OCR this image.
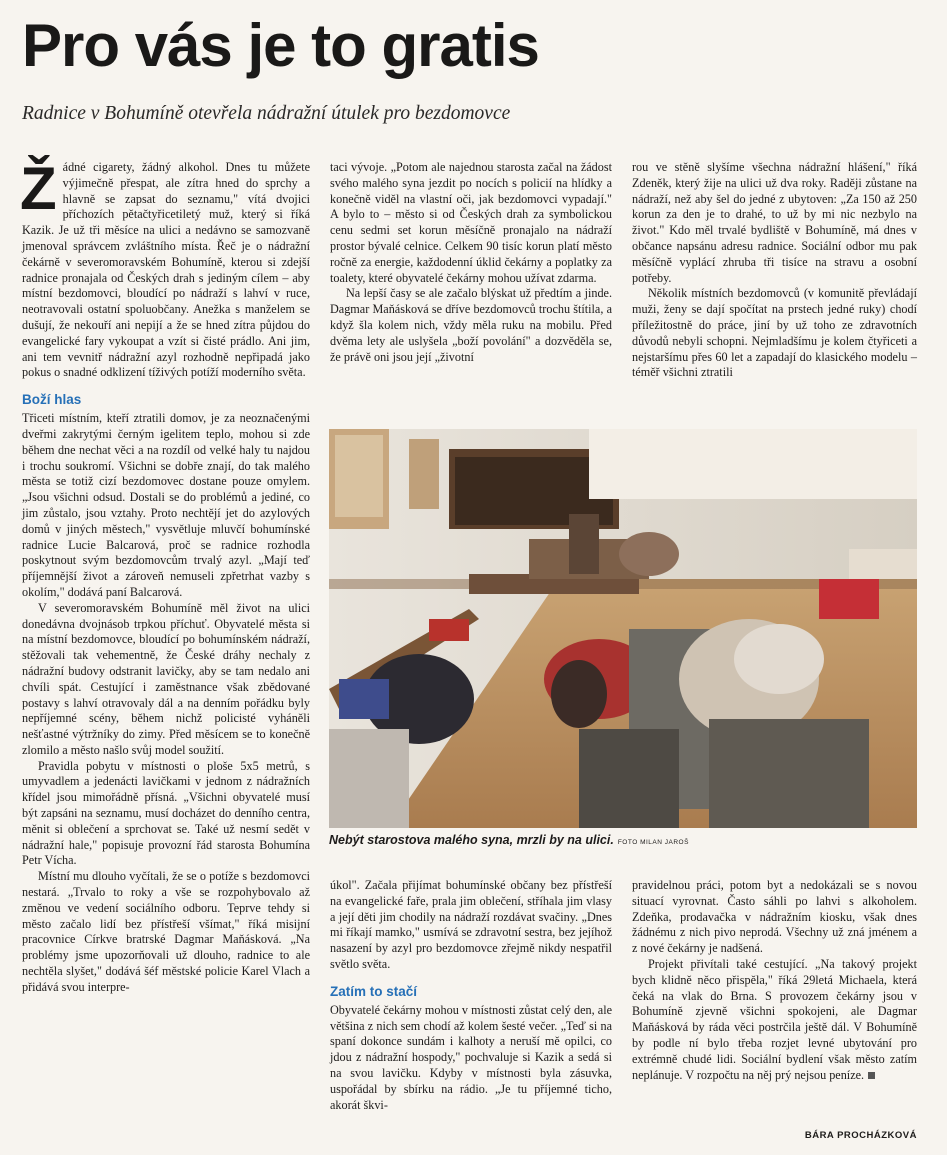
Pro vás je to gratis
Radnice v Bohumíně otevřela nádražní útulek pro bezdomovce

Žádné cigarety, žádný alkohol. Dnes tu můžete výjimečně přespat, ale zítra hned do sprchy a hlavně se zapsat do seznamu," vítá dvojici příchozích pětačtyřicetiletý muž, který si říká Kazik. Je už tři měsíce na ulici a nedávno se samozvaně jmenoval správcem zvláštního místa. Řeč je o nádražní čekárně v severomoravském Bohumíně, kterou si zdejší radnice pronajala od Českých drah s jediným cílem – aby místní bezdomovci, bloudící po nádraží s lahví v ruce, neotravovali ostatní spoluobčany. Anežka s manželem se dušují, že nekouří ani nepijí a že se hned zítra půjdou do evangelické fary vykoupat a vzít si čisté prádlo. Ani jim, ani tem vevnitř nádražní azyl rozhodně nepřipadá jako pokus o snadné odklizení tíživých potíží moderního světa.

Boží hlas

Třiceti místním, kteří ztratili domov, je za neoznačenými dveřmi zakrytými černým igelitem teplo, mohou si zde během dne nechat věci a na rozdíl od velké haly tu najdou i trochu soukromí. Všichni se dobře znají, do tak malého města se totiž cizí bezdomovec dostane pouze omylem. „Jsou všichni odsud. Dostali se do problémů a jediné, co jim zůstalo, jsou vztahy. Proto nechtějí jet do azylových domů v jiných městech," vysvětluje mluvčí bohumínské radnice Lucie Balcarová, proč se radnice rozhodla poskytnout svým bezdomovcům trvalý azyl. „Mají teď příjemnější život a zároveň nemuseli zpřetrhat vazby s okolím," dodává paní Balcarová.

V severomoravském Bohumíně měl život na ulici donedávna dvojnásob trpkou příchuť. Obyvatelé města si na místní bezdomovce, bloudící po bohumínském nádraží, stěžovali tak vehementně, že České dráhy nechaly z nádražní budovy odstranit lavičky, aby se tam nedalo ani chvíli spát. Cestující i zaměstnance však zbědované postavy s lahví otravovaly dál a na denním pořádku byly nepříjemné scény, během nichž policisté vyháněli nešťastné výtržníky do zimy. Před měsícem se to konečně zlomilo a město našlo svůj model soužití.

Pravidla pobytu v místnosti o ploše 5x5 metrů, s umyvadlem a jedenácti lavičkami v jednom z nádražních křídel jsou mimořádně přísná. „Všichni obyvatelé musí být zapsáni na seznamu, musí docházet do denního centra, měnit si oblečení a sprchovat se. Také už nesmí sedět v nádražní hale," popisuje provozní řád starosta Bohumína Petr Vícha.

Místní mu dlouho vyčítali, že se o potíže s bezdomovci nestará. „Trvalo to roky a vše se rozpohybovalo až změnou ve vedení sociálního odboru. Teprve tehdy si město začalo lidí bez přístřeší všímat," říká misijní pracovnice Církve bratrské Dagmar Maňásková. „Na problémy jsme upozorňovali už dlouho, radnice to ale nechtěla slyšet," dodává šéf městské policie Karel Vlach a přidává svou interpre-

taci vývoje. „Potom ale najednou starosta začal na žádost svého malého syna jezdit po nocích s policií na hlídky a konečně viděl na vlastní oči, jak bezdomovci vypadají." A bylo to – město si od Českých drah za symbolickou cenu sedmi set korun měsíčně pronajalo na nádraží prostor bývalé celnice. Celkem 90 tisíc korun platí město ročně za energie, každodenní úklid čekárny a poplatky za toalety, které obyvatelé čekárny mohou užívat zdarma.

Na lepší časy se ale začalo blýskat už předtím a jinde. Dagmar Maňásková se dříve bezdomovců trochu štítila, a když šla kolem nich, vždy měla ruku na mobilu. Před dvěma lety ale uslyšela „boží povolání" a dozvěděla se, že právě oni jsou její „životní

rou ve stěně slyšíme všechna nádražní hlášení," říká Zdeněk, který žije na ulici už dva roky. Raději zůstane na nádraží, než aby šel do jedné z ubytoven: „Za 150 až 250 korun za den je to drahé, to už by mi nic nezbylo na život." Kdo měl trvalé bydliště v Bohumíně, má dnes v občance napsánu adresu radnice. Sociální odbor mu pak měsíčně vyplácí zhruba tři tisíce na stravu a osobní potřeby.

Několik místních bezdomovců (v komunitě převládají muži, ženy se dají spočítat na prstech jedné ruky) chodí příležitostně do práce, jiní by už toho ze zdravotních důvodů nebyli schopni. Nejmladšímu je kolem čtyřiceti a nejstaršímu přes 60 let a zapadají do klasického modelu – téměř všichni ztratili

Nebýt starostova malého syna, mrzli by na ulici. FOTO MILAN JAROŠ

úkol". Začala přijímat bohumínské občany bez přístřeší na evangelické faře, prala jim oblečení, stříhala jim vlasy a její děti jim chodily na nádraží rozdávat svačiny. „Dnes mi říkají mamko," usmívá se zdravotní sestra, bez jejíhož nasazení by azyl pro bezdomovce zřejmě nikdy nespatřil světlo světa.

Zatím to stačí

Obyvatelé čekárny mohou v místnosti zůstat celý den, ale většina z nich sem chodí až kolem šesté večer. „Teď si na spaní dokonce sundám i kalhoty a neruší mě opilci, co jdou z nádražní hospody," pochvaluje si Kazik a sedá si na svou lavičku. Kdyby v místnosti byla zásuvka, uspořádal by sbírku na rádio. „Je tu příjemné ticho, akorát škvi-

pravidelnou práci, potom byt a nedokázali se s novou situací vyrovnat. Často sáhli po lahvi s alkoholem. Zdeňka, prodavačka v nádražním kiosku, však dnes žádnému z nich pivo neprodá. Všechny už zná jménem a z nové čekárny je nadšená.

Projekt přivítali také cestující. „Na takový projekt bych klidně něco přispěla," říká 29letá Michaela, která čeká na vlak do Brna. S provozem čekárny jsou v Bohumíně zjevně všichni spokojeni, ale Dagmar Maňásková by ráda věci postrčila ještě dál. V Bohumíně by podle ní bylo třeba rozjet levné ubytování pro extrémně chudé lidi. Sociální bydlení však město zatím neplánuje. V rozpočtu na něj prý nejsou peníze.

BÁRA PROCHÁZKOVÁ
